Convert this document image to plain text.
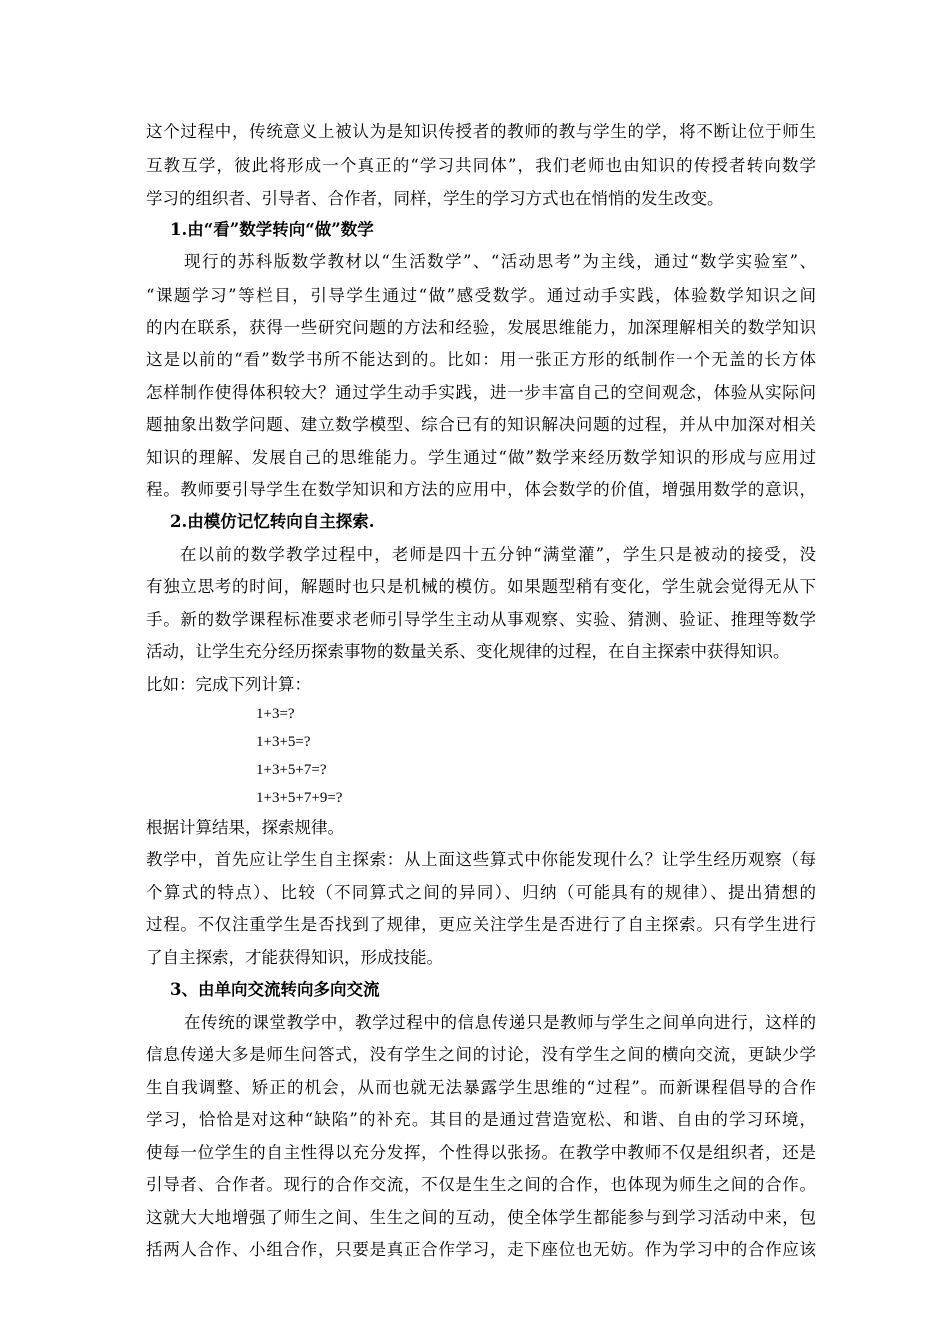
这个过程中，传统意义上被认为是知识传授者的教师的教与学生的学，将不断让位于师生
互教互学，彼此将形成一个真正的“学习共同体”，我们老师也由知识的传授者转向数学
学习的组织者、引导者、合作者，同样，学生的学习方式也在悄悄的发生改变。
1.由“看”数学转向“做”数学
现行的苏科版数学教材以“生活数学”、“活动思考”为主线，通过“数学实验室”、
“课题学习”等栏目，引导学生通过“做”感受数学。通过动手实践，体验数学知识之间
的内在联系，获得一些研究问题的方法和经验，发展思维能力，加深理解相关的数学知识
这是以前的“看”数学书所不能达到的。比如：用一张正方形的纸制作一个无盖的长方体
怎样制作使得体积较大？通过学生动手实践，进一步丰富自己的空间观念，体验从实际问
题抽象出数学问题、建立数学模型、综合已有的知识解决问题的过程，并从中加深对相关
知识的理解、发展自己的思维能力。学生通过“做”数学来经历数学知识的形成与应用过
程。教师要引导学生在数学知识和方法的应用中，体会数学的价值，增强用数学的意识，
2.由模仿记忆转向自主探索.
在以前的数学教学过程中，老师是四十五分钟“满堂灌”，学生只是被动的接受，没
有独立思考的时间，解题时也只是机械的模仿。如果题型稍有变化，学生就会觉得无从下
手。新的数学课程标准要求老师引导学生主动从事观察、实验、猜测、验证、推理等数学
活动，让学生充分经历探索事物的数量关系、变化规律的过程，在自主探索中获得知识。
比如：完成下列计算：
1+3=?
1+3+5=?
1+3+5+7=?
1+3+5+7+9=?
根据计算结果，探索规律。
教学中，首先应让学生自主探索：从上面这些算式中你能发现什么？让学生经历观察（每
个算式的特点）、比较（不同算式之间的异同）、归纳（可能具有的规律）、提出猜想的
过程。不仅注重学生是否找到了规律，更应关注学生是否进行了自主探索。只有学生进行
了自主探索，才能获得知识，形成技能。
3、由单向交流转向多向交流
在传统的课堂教学中，教学过程中的信息传递只是教师与学生之间单向进行，这样的
信息传递大多是师生问答式，没有学生之间的讨论，没有学生之间的横向交流，更缺少学
生自我调整、矫正的机会，从而也就无法暴露学生思维的“过程”。而新课程倡导的合作
学习，恰恰是对这种“缺陷”的补充。其目的是通过营造宽松、和谐、自由的学习环境，
使每一位学生的自主性得以充分发挥，个性得以张扬。在教学中教师不仅是组织者，还是
引导者、合作者。现行的合作交流，不仅是生生之间的合作，也体现为师生之间的合作。
这就大大地增强了师生之间、生生之间的互动，使全体学生都能参与到学习活动中来，包
括两人合作、小组合作，只要是真正合作学习，走下座位也无妨。作为学习中的合作应该
